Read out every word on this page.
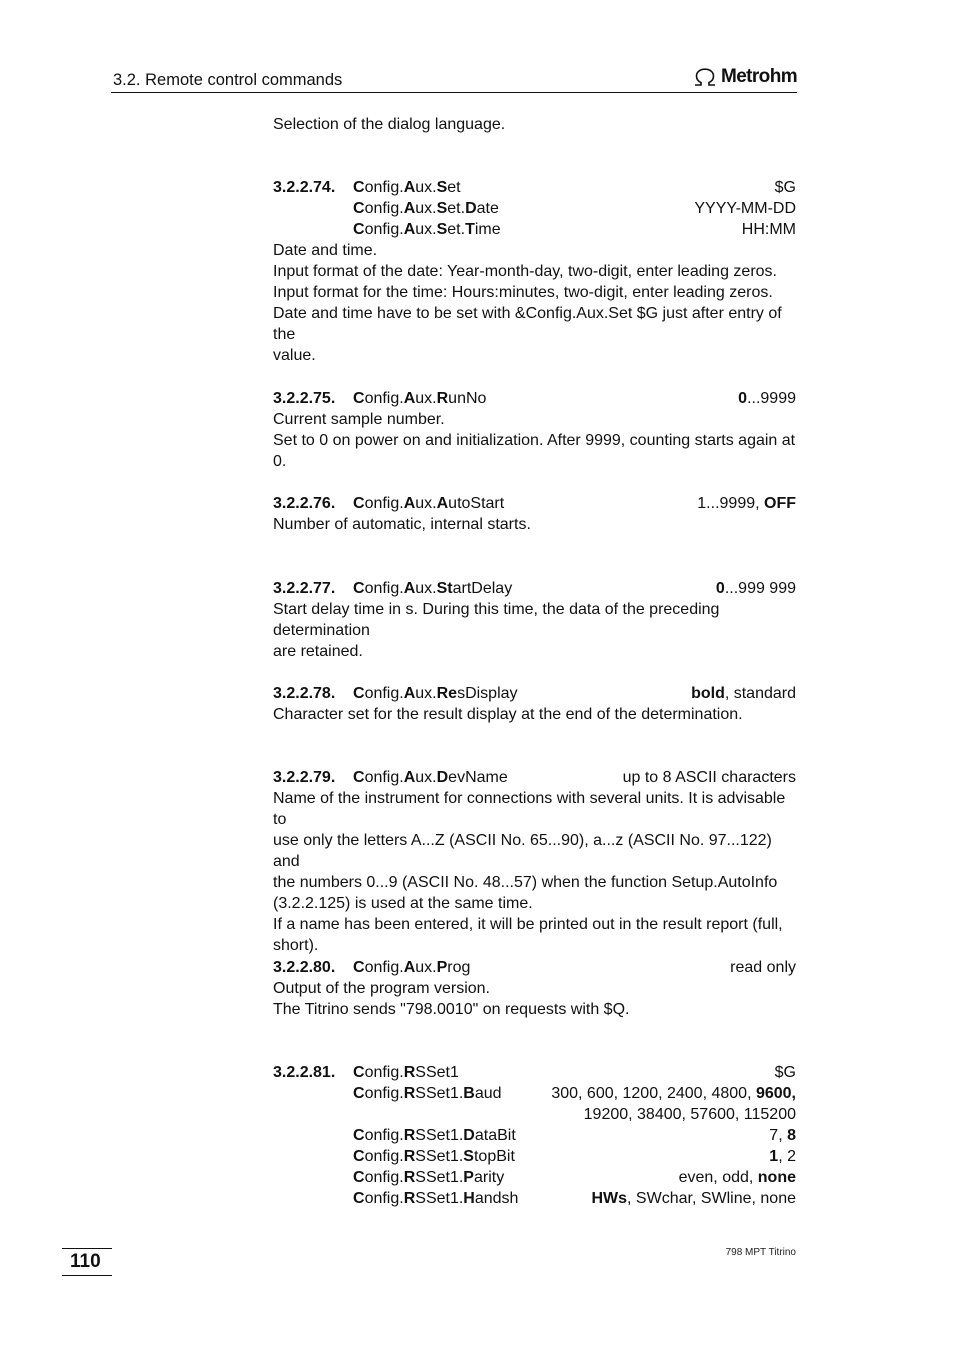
3.2. Remote control commands	Metrohm

Selection of the dialog language.

3.2.2.74.	Config.Aux.Set	$G
Config.Aux.Set.Date	YYYY-MM-DD
Config.Aux.Set.Time	HH:MM

Date and time.

Input format of the date: Year-month-day, two-digit, enter leading zeros.

Input format for the time: Hours:minutes, two-digit, enter leading zeros.

Date and time have to be set with &Config.Aux.Set $G just after entry of the

value.

3.2.2.75.	Config.Aux.RunNo	0...9999

Current sample number.

Set to 0 on power on and initialization. After 9999, counting starts again at 0.

3.2.2.76.	Config.Aux.AutoStart	1...9999, OFF

Number of automatic, internal starts.

3.2.2.77.	Config.Aux.StartDelay	0...999 999

Start delay time in s. During this time, the data of the preceding determination

are retained.

3.2.2.78.	Config.Aux.ResDisplay	bold, standard

Character set for the result display at the end of the determination.

3.2.2.79.	Config.Aux.DevName	up to 8 ASCII characters

Name of the instrument for connections with several units. It is advisable to

use only the letters A...Z (ASCII No. 65...90), a...z (ASCII No. 97...122) and

the numbers 0...9 (ASCII No. 48...57) when the function Setup.AutoInfo

(3.2.2.125) is used at the same time.

If a name has been entered, it will be printed out in the result report (full,

short).

3.2.2.80.	Config.Aux.Prog	read only

Output of the program version.

The Titrino sends "798.0010" on requests with $Q.

3.2.2.81.	Config.RSSet1	$G
Config.RSSet1.Baud	300, 600, 1200, 2400, 4800, 9600,
19200, 38400, 57600, 115200
Config.RSSet1.DataBit	7, 8
Config.RSSet1.StopBit	1, 2
Config.RSSet1.Parity	even, odd, none
Config.RSSet1.Handsh	HWs, SWchar, SWline, none
110	798 MPT Titrino
